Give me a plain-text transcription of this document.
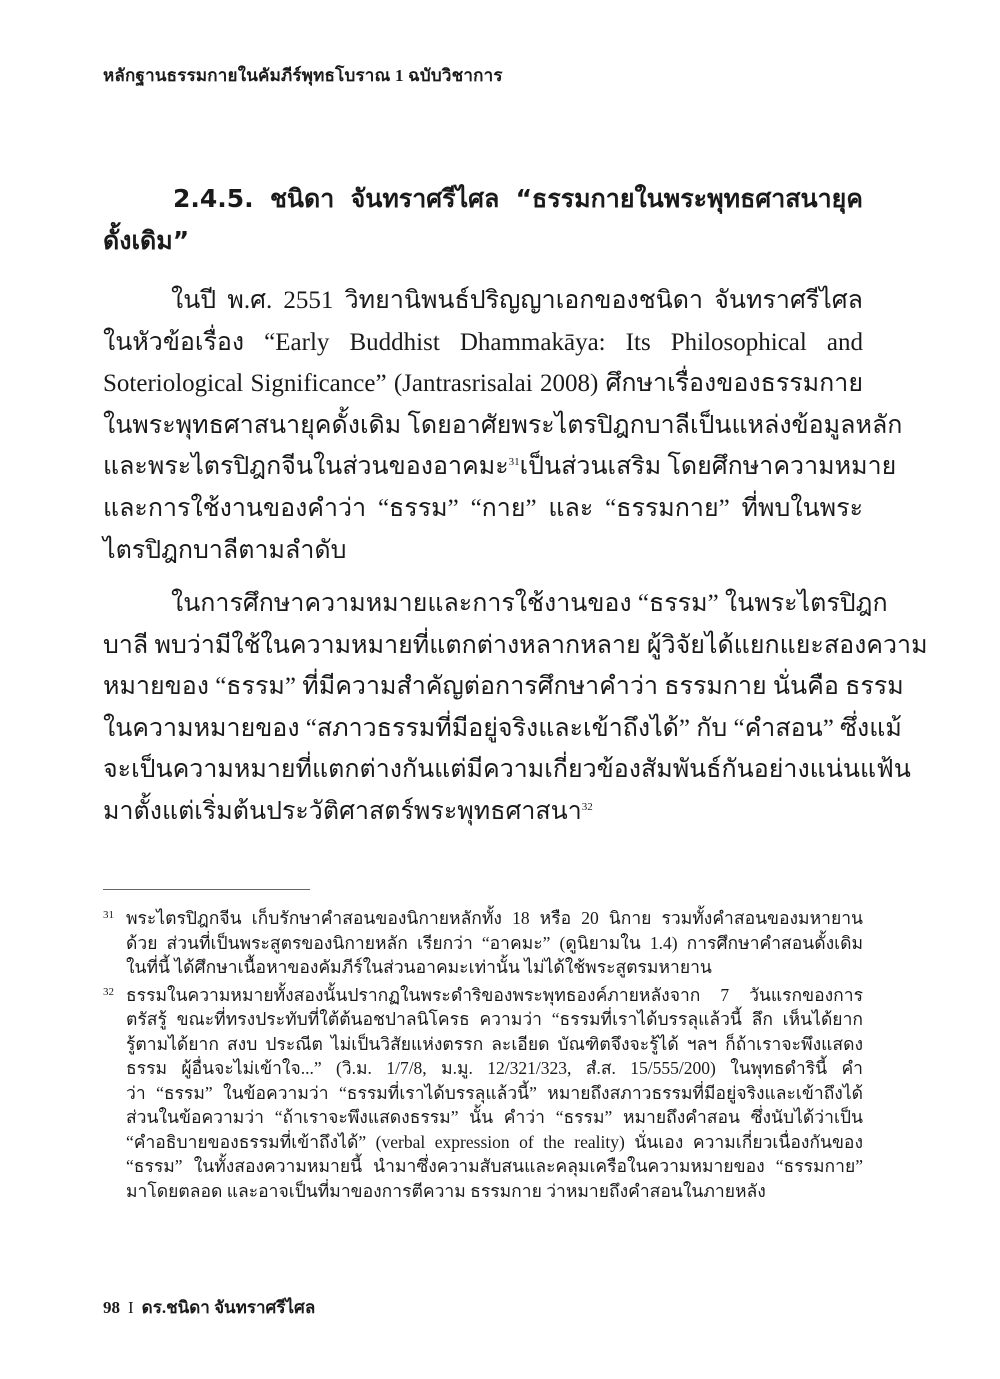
หลักฐานธรรมกายในคัมภีร์พุทธโบราณ 1 ฉบับวิชาการ
2.4.5. ชนิดา จันทราศรีไศล “ธรรมกายในพระพุทธศาสนายุค
ดั้งเดิม”

ในปี พ.ศ. 2551 วิทยานิพนธ์ปริญญาเอกของชนิดา จันทราศรีไศล
ในหัวข้อเรื่อง “Early Buddhist Dhammakāya: Its Philosophical and
Soteriological Significance” (Jantrasrisalai 2008) ศึกษาเรื่องของธรรมกาย
ในพระพุทธศาสนายุคดั้งเดิม โดยอาศัยพระไตรปิฎกบาลีเป็นแหล่งข้อมูลหลัก
และพระไตรปิฎกจีนในส่วนของอาคมะ$^{31}$เป็นส่วนเสริม โดยศึกษาความหมาย
และการใช้งานของคำว่า “ธรรม” “กาย” และ “ธรรมกาย” ที่พบในพระ
ไตรปิฎกบาลีตามลำดับ

ในการศึกษาความหมายและการใช้งานของ “ธรรม” ในพระไตรปิฎก
บาลี พบว่ามีใช้ในความหมายที่แตกต่างหลากหลาย ผู้วิจัยได้แยกแยะสองความ
หมายของ “ธรรม” ที่มีความสำคัญต่อการศึกษาคำว่า ธรรมกาย นั่นคือ ธรรม
ในความหมายของ “สภาวธรรมที่มีอยู่จริงและเข้าถึงได้” กับ “คำสอน” ซึ่งแม้
จะเป็นความหมายที่แตกต่างกันแต่มีความเกี่ยวข้องสัมพันธ์กันอย่างแน่นแฟ้น
มาตั้งแต่เริ่มต้นประวัติศาสตร์พระพุทธศาสนา$^{32}$

31 พระไตรปิฎกจีน เก็บรักษาคำสอนของนิกายหลักทั้ง 18 หรือ 20 นิกาย รวมทั้งคำสอนของมหายาน
ด้วย ส่วนที่เป็นพระสูตรของนิกายหลัก เรียกว่า “อาคมะ” (ดูนิยามใน 1.4) การศึกษาคำสอนดั้งเดิม
ในที่นี้ ได้ศึกษาเนื้อหาของคัมภีร์ในส่วนอาคมะเท่านั้น ไม่ได้ใช้พระสูตรมหายาน
32 ธรรมในความหมายทั้งสองนั้นปรากฏในพระดำริของพระพุทธองค์ภายหลังจาก 7 วันแรกของการ
ตรัสรู้ ขณะที่ทรงประทับที่ใต้ต้นอชปาลนิโครธ ความว่า “ธรรมที่เราได้บรรลุแล้วนี้ ลึก เห็นได้ยาก
รู้ตามได้ยาก สงบ ประณีต ไม่เป็นวิสัยแห่งตรรก ละเอียด บัณฑิตจึงจะรู้ได้ ฯลฯ ก็ถ้าเราจะพึงแสดง
ธรรม ผู้อื่นจะไม่เข้าใจ...” (วิ.ม. 1/7/8, ม.มู. 12/321/323, สํ.ส. 15/555/200) ในพุทธดำรินี้ คำ
ว่า “ธรรม” ในข้อความว่า “ธรรมที่เราได้บรรลุแล้วนี้” หมายถึงสภาวธรรมที่มีอยู่จริงและเข้าถึงได้
ส่วนในข้อความว่า “ถ้าเราจะพึงแสดงธรรม” นั้น คำว่า “ธรรม” หมายถึงคำสอน ซึ่งนับได้ว่าเป็น
“คำอธิบายของธรรมที่เข้าถึงได้” (verbal expression of the reality) นั่นเอง ความเกี่ยวเนื่องกันของ
“ธรรม” ในทั้งสองความหมายนี้ นำมาซึ่งความสับสนและคลุมเครือในความหมายของ “ธรรมกาย”
มาโดยตลอด และอาจเป็นที่มาของการตีความ ธรรมกาย ว่าหมายถึงคำสอนในภายหลัง
98 I ดร.ชนิดา จันทราศรีไศล
